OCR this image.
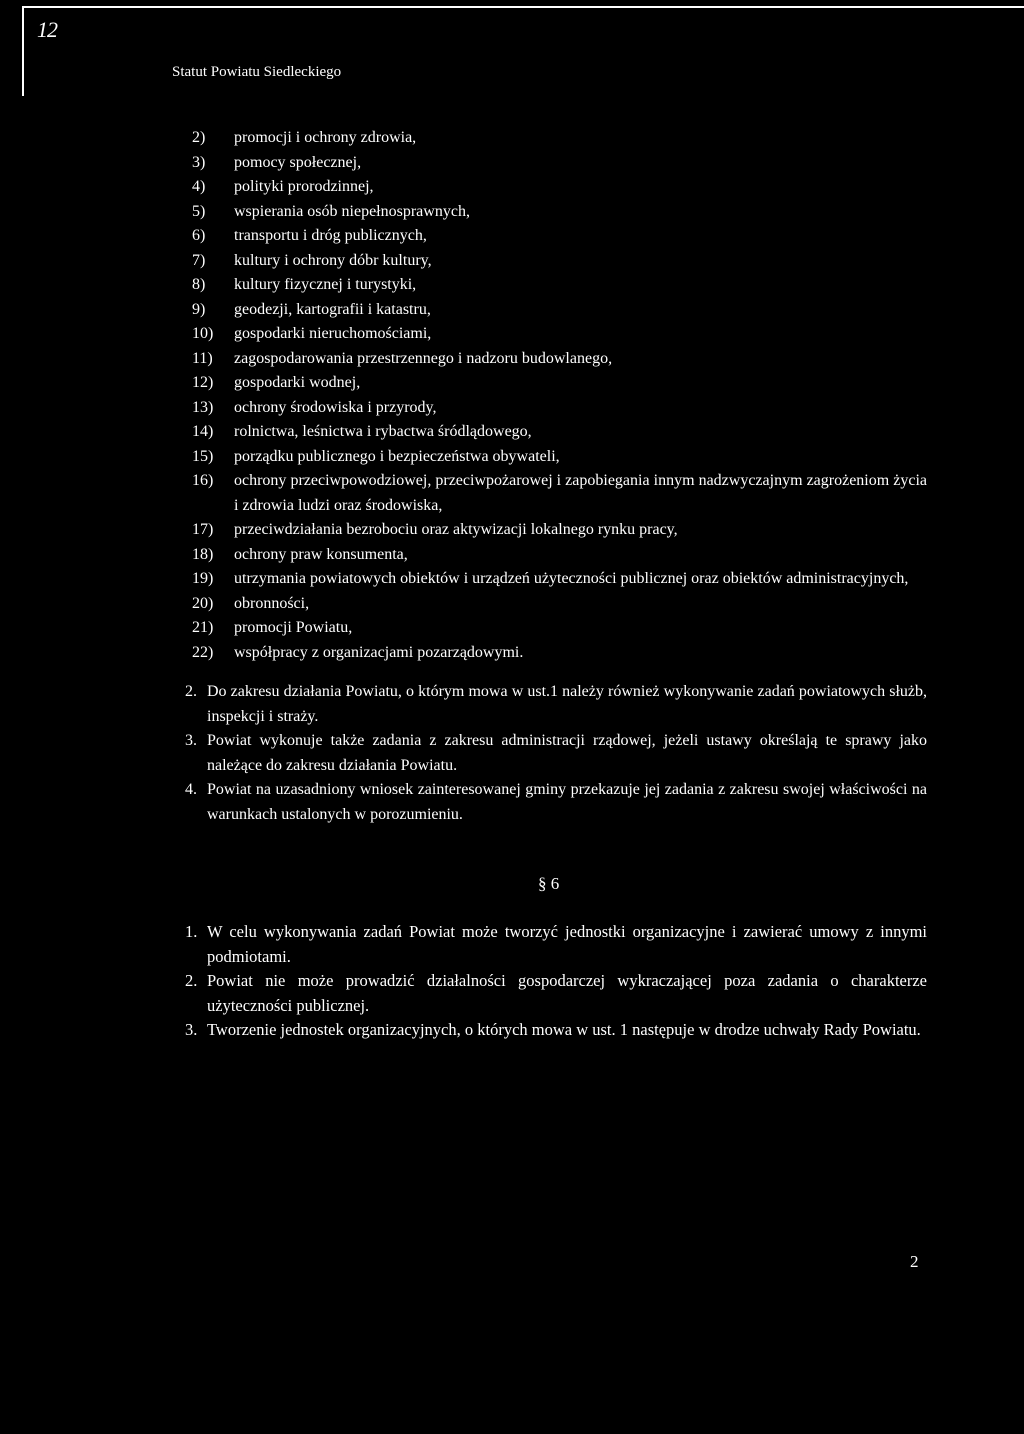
12
Statut Powiatu Siedleckiego
2)	promocji i ochrony zdrowia,
3)	pomocy społecznej,
4)	polityki prorodzinnej,
5)	wspierania osób niepełnosprawnych,
6)	transportu i dróg publicznych,
7)	kultury i ochrony dóbr kultury,
8)	kultury fizycznej i turystyki,
9)	geodezji, kartografii i katastru,
10)	gospodarki nieruchomościami,
11)	zagospodarowania przestrzennego i nadzoru budowlanego,
12)	gospodarki wodnej,
13)	ochrony środowiska i przyrody,
14)	rolnictwa, leśnictwa i rybactwa śródlądowego,
15)	porządku publicznego i bezpieczeństwa obywateli,
16)	ochrony przeciwpowodziowej, przeciwpożarowej i zapobiegania innym nadzwyczajnym zagrożeniom życia i zdrowia ludzi oraz środowiska,
17)	przeciwdziałania bezrobociu oraz aktywizacji lokalnego rynku pracy,
18)	ochrony praw konsumenta,
19)	utrzymania powiatowych obiektów i urządzeń użyteczności publicznej oraz obiektów administracyjnych,
20)	obronności,
21)	promocji Powiatu,
22)	współpracy z organizacjami pozarządowymi.
2. Do zakresu działania Powiatu, o którym mowa w ust.1 należy również wykonywanie zadań powiatowych służb, inspekcji i straży.
3. Powiat wykonuje także zadania z zakresu administracji rządowej, jeżeli ustawy określają te sprawy jako należące do zakresu działania Powiatu.
4. Powiat na uzasadniony wniosek zainteresowanej gminy przekazuje jej zadania z zakresu swojej właściwości na warunkach ustalonych w porozumieniu.
§ 6
1. W celu wykonywania zadań Powiat może tworzyć jednostki organizacyjne i zawierać umowy z innymi podmiotami.
2. Powiat nie może prowadzić działalności gospodarczej wykraczającej poza zadania o charakterze użyteczności publicznej.
3. Tworzenie jednostek organizacyjnych, o których mowa w ust. 1 następuje w drodze uchwały Rady Powiatu.
2
